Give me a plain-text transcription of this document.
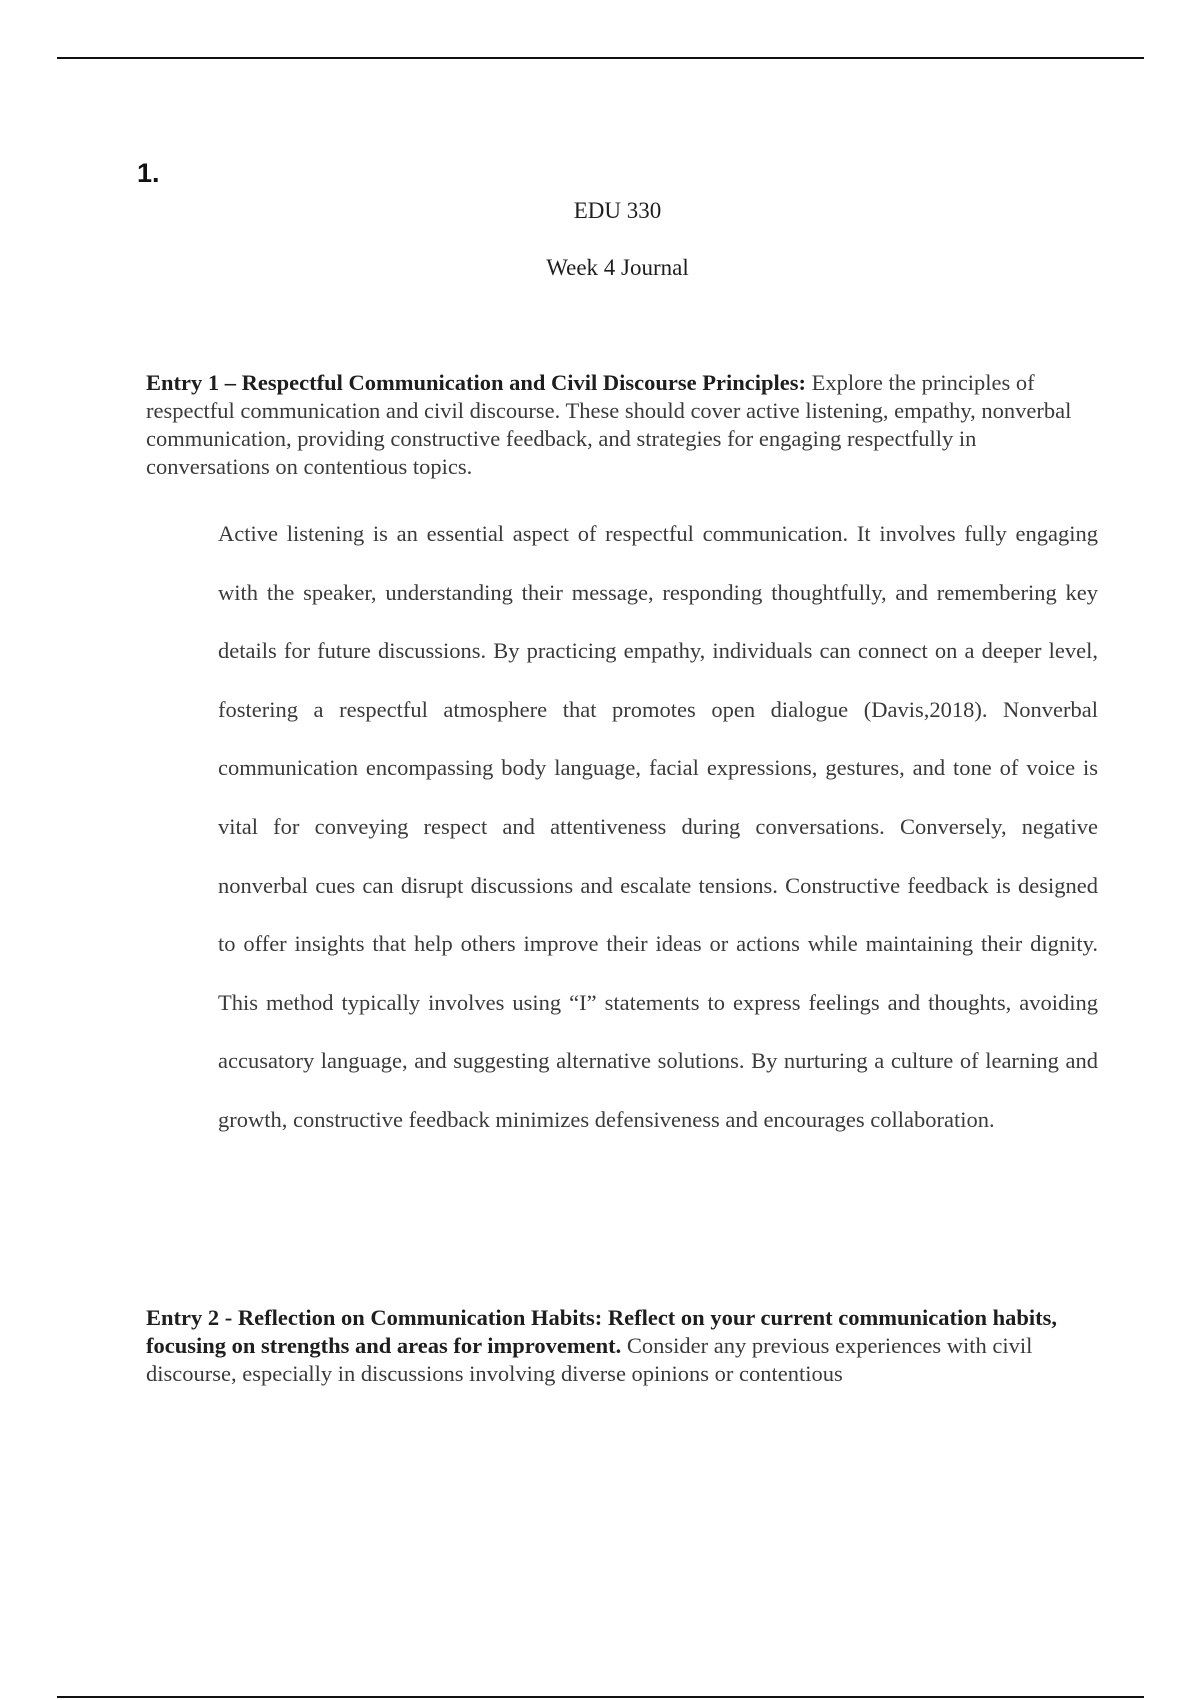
1.
EDU 330
Week 4 Journal
Entry 1 – Respectful Communication and Civil Discourse Principles: Explore the principles of respectful communication and civil discourse. These should cover active listening, empathy, nonverbal communication, providing constructive feedback, and strategies for engaging respectfully in conversations on contentious topics.
Active listening is an essential aspect of respectful communication. It involves fully engaging with the speaker, understanding their message, responding thoughtfully, and remembering key details for future discussions. By practicing empathy, individuals can connect on a deeper level, fostering a respectful atmosphere that promotes open dialogue (Davis,2018). Nonverbal communication encompassing body language, facial expressions, gestures, and tone of voice is vital for conveying respect and attentiveness during conversations. Conversely, negative nonverbal cues can disrupt discussions and escalate tensions. Constructive feedback is designed to offer insights that help others improve their ideas or actions while maintaining their dignity. This method typically involves using “I” statements to express feelings and thoughts, avoiding accusatory language, and suggesting alternative solutions. By nurturing a culture of learning and growth, constructive feedback minimizes defensiveness and encourages collaboration.
Entry 2 - Reflection on Communication Habits: Reflect on your current communication habits, focusing on strengths and areas for improvement. Consider any previous experiences with civil discourse, especially in discussions involving diverse opinions or contentious
